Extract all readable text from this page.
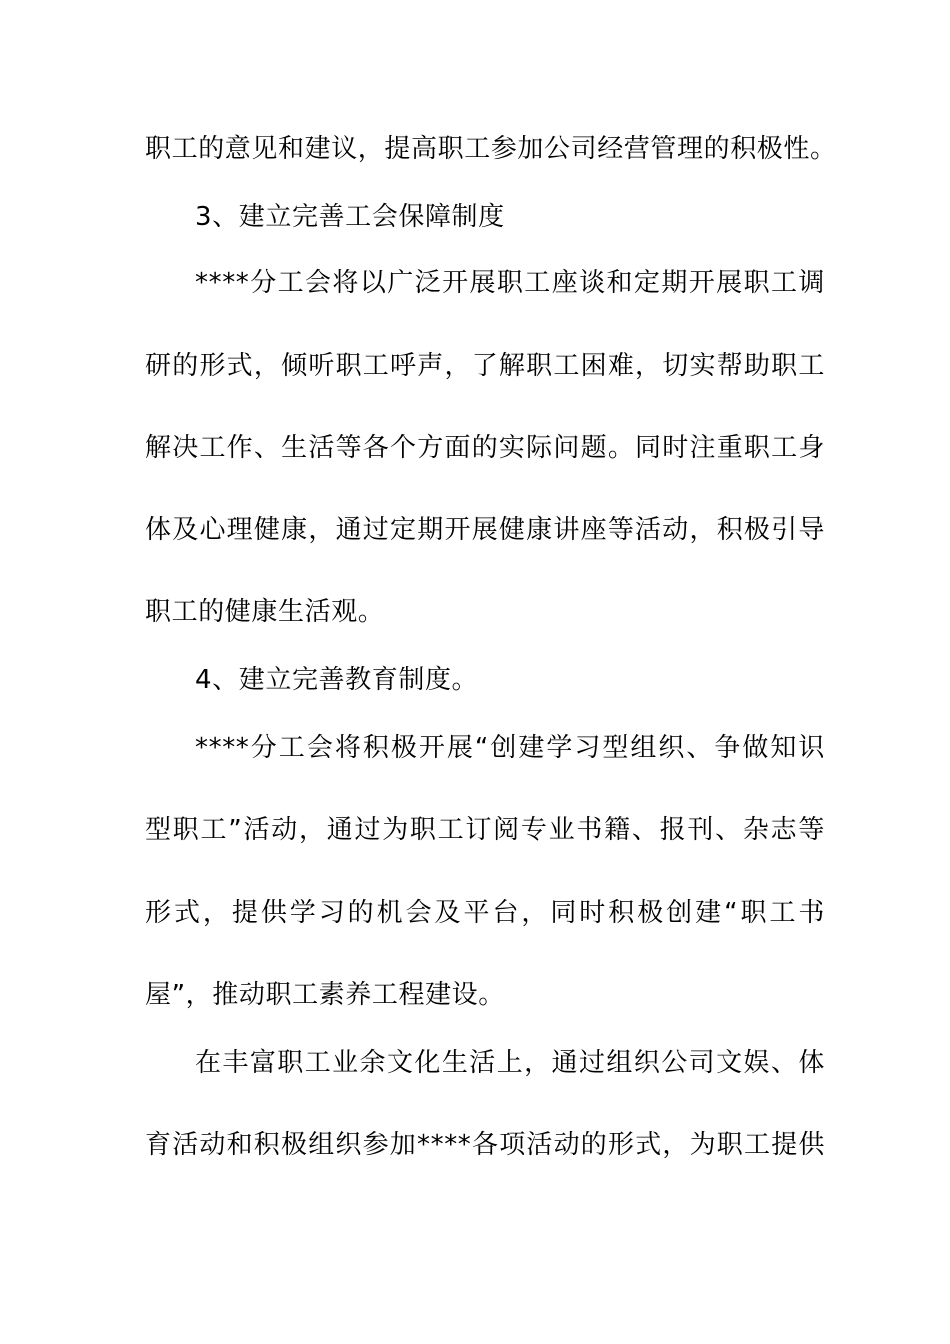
职工的意见和建议，提高职工参加公司经营管理的积极性。
3、建立完善工会保障制度
****分工会将以广泛开展职工座谈和定期开展职工调
研的形式，倾听职工呼声，了解职工困难，切实帮助职工
解决工作、生活等各个方面的实际问题。同时注重职工身
体及心理健康，通过定期开展健康讲座等活动，积极引导
职工的健康生活观。
4、建立完善教育制度。
****分工会将积极开展“创建学习型组织、争做知识
型职工”活动，通过为职工订阅专业书籍、报刊、杂志等
形式，提供学习的机会及平台，同时积极创建“职工书
屋”，推动职工素养工程建设。
在丰富职工业余文化生活上，通过组织公司文娱、体
育活动和积极组织参加****各项活动的形式，为职工提供
